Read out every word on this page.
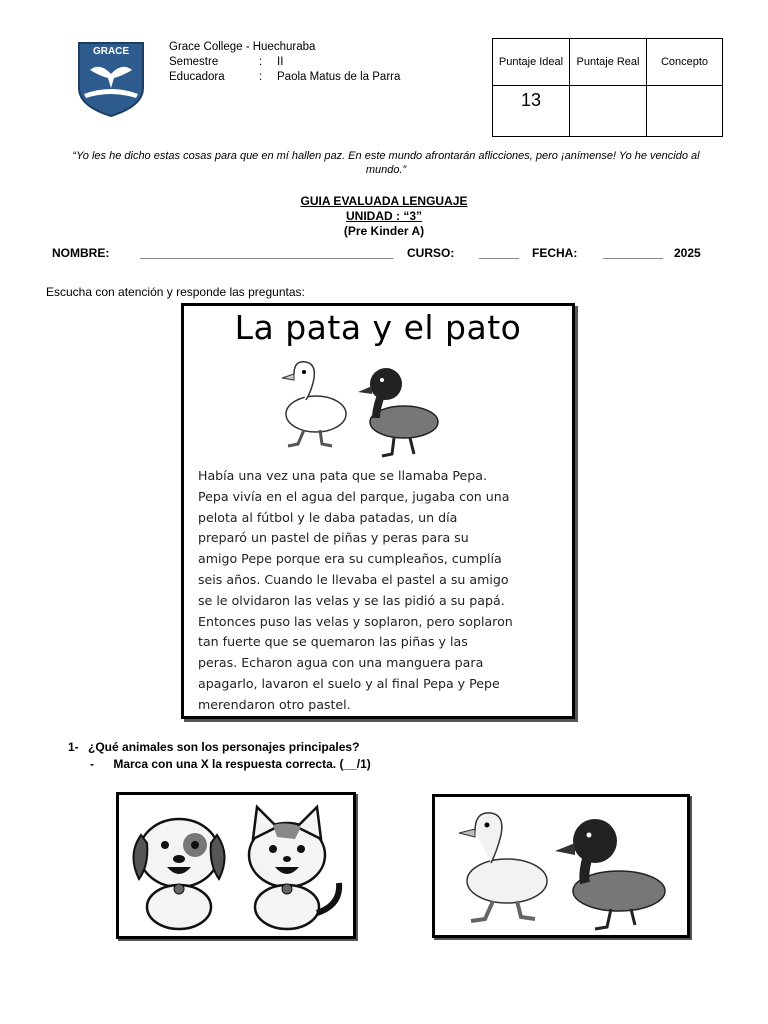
GRACE	Grace College - Huechuraba
Semestre	:	II
Educadora	:	Paola Matus de la Parra
Puntaje Ideal	Puntaje Real	Concepto
13		
“Yo les he dicho estas cosas para que en mí hallen paz. En este mundo afrontarán aflicciones, pero ¡anímense! Yo he vencido al mundo.”
GUIA EVALUADA LENGUAJE
UNIDAD : “3”
(Pre Kinder A)
NOMBRE:	______________________________________ CURSO: ______ FECHA: _________ 2025
Escucha con atención y responde las preguntas:
La pata y el pato
Había una vez una pata que se llamaba Pepa.
Pepa vivía en el agua del parque, jugaba con una
pelota al fútbol y le daba patadas, un día
preparó un pastel de piñas y peras para su
amigo Pepe porque era su cumpleaños, cumplía
seis años. Cuando le llevaba el pastel a su amigo
se le olvidaron las velas y se las pidió a su papá.
Entonces puso las velas y soplaron, pero soplaron
tan fuerte que se quemaron las piñas y las
peras. Echaron agua con una manguera para
apagarlo, lavaron el suelo y al final Pepa y Pepe
merendaron otro pastel.
1- ¿Qué animales son los personajes principales?
- Marca con una X la respuesta correcta. (__/1)
